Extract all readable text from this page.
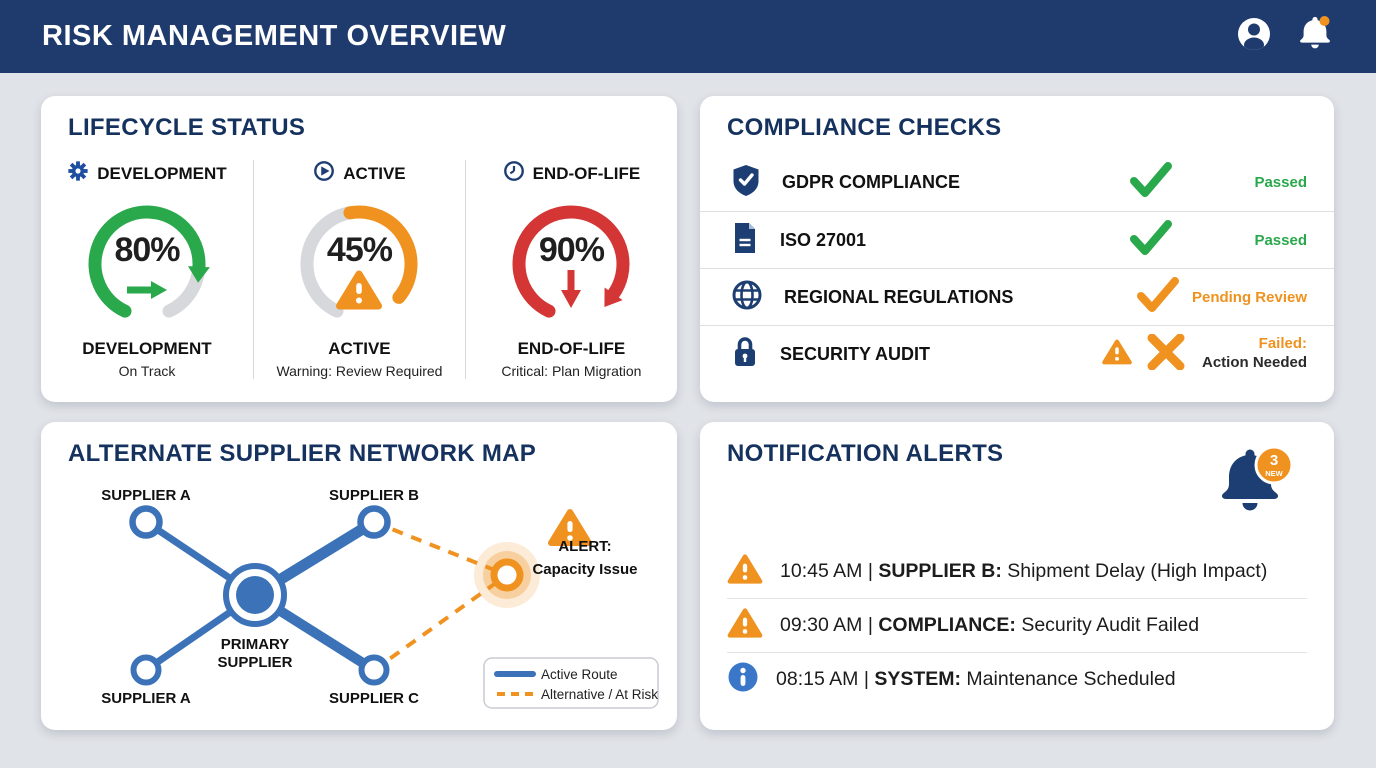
RISK MANAGEMENT OVERVIEW
LIFECYCLE STATUS
DEVELOPMENT
80%
DEVELOPMENT
On Track
ACTIVE
45%
ACTIVE
Warning: Review Required
END-OF-LIFE
90%
END-OF-LIFE
Critical: Plan Migration
COMPLIANCE CHECKS
GDPR COMPLIANCE	Passed
ISO 27001	Passed
REGIONAL REGULATIONS	Pending Review
SECURITY AUDIT	Failed:
Action Needed
ALTERNATE SUPPLIER NETWORK MAP
SUPPLIER A	SUPPLIER B
PRIMARY
SUPPLIER
SUPPLIER A	SUPPLIER C
ALERT:
Capacity Issue
Active Route
Alternative / At Risk
NOTIFICATION ALERTS	3
NEW
10:45 AM | SUPPLIER B: Shipment Delay (High Impact)
09:30 AM | COMPLIANCE: Security Audit Failed
08:15 AM | SYSTEM: Maintenance Scheduled
